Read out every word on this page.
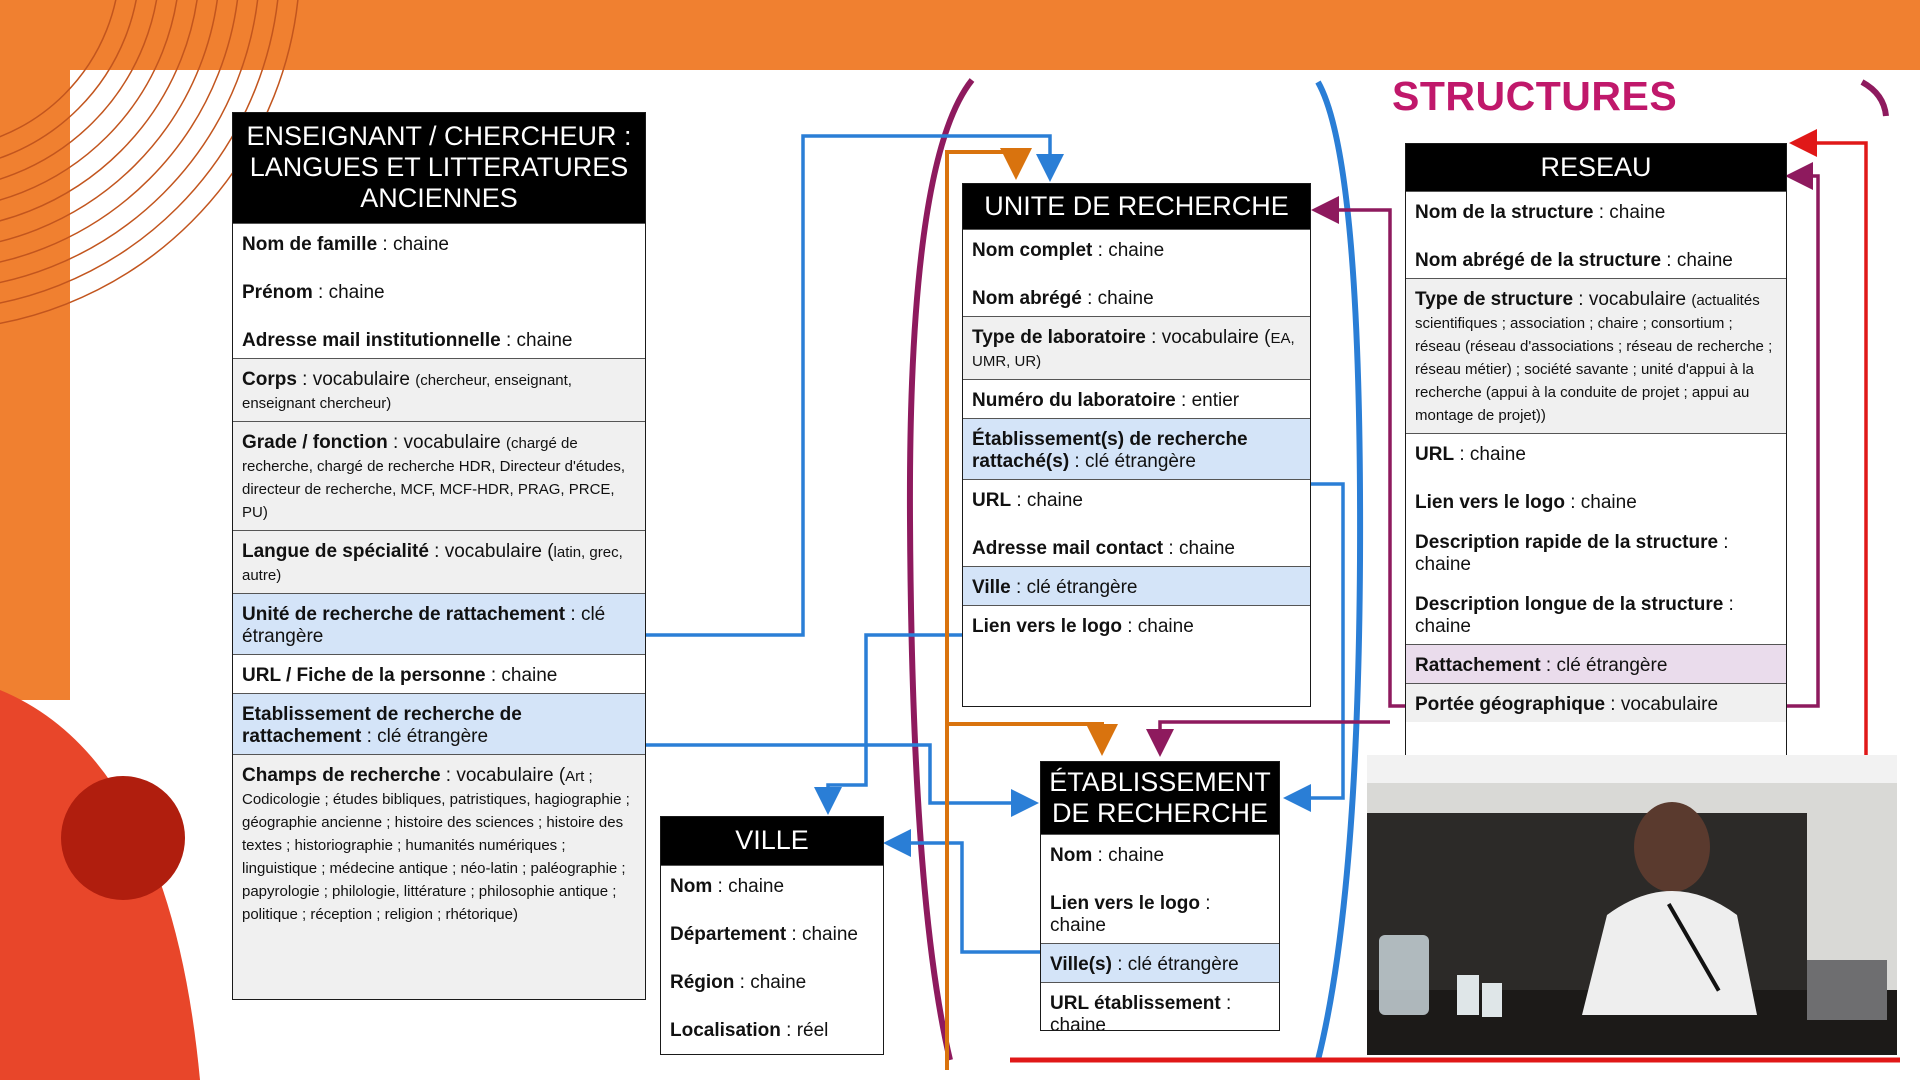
STRUCTURES
ENSEIGNANT / CHERCHEUR :
LANGUES ET LITTERATURES
ANCIENNES

Nom de famille : chaine

Prénom : chaine

Adresse mail institutionnelle : chaine

Corps : vocabulaire (chercheur, enseignant, enseignant chercheur)

Grade / fonction : vocabulaire (chargé de recherche, chargé de recherche HDR, Directeur d'études, directeur de recherche, MCF, MCF-HDR, PRAG, PRCE, PU)

Langue de spécialité : vocabulaire (latin, grec, autre)

Unité de recherche de rattachement : clé étrangère

URL / Fiche de la personne : chaine

Etablissement de recherche de rattachement : clé étrangère

Champs de recherche : vocabulaire (Art ; Codicologie ; études bibliques, patristiques, hagiographie ; géographie ancienne ; histoire des sciences ; histoire des textes ; historiographie ; humanités numériques ; linguistique ; médecine antique ; néo-latin ; paléographie ; papyrologie ; philologie, littérature ; philosophie antique ; politique ; réception ; religion ; rhétorique)

UNITE DE RECHERCHE

Nom complet : chaine

Nom abrégé : chaine

Type de laboratoire : vocabulaire (EA, UMR, UR)

Numéro du laboratoire : entier

Établissement(s) de recherche rattaché(s) : clé étrangère

URL : chaine

Adresse mail contact : chaine

Ville : clé étrangère

Lien vers le logo : chaine

VILLE

Nom : chaine

Département : chaine

Région : chaine

Localisation : réel

ÉTABLISSEMENT
DE RECHERCHE

Nom : chaine

Lien vers le logo : chaine

Ville(s) : clé étrangère

URL établissement : chaine

RESEAU

Nom de la structure : chaine

Nom abrégé de la structure : chaine

Type de structure : vocabulaire (actualités scientifiques ; association ; chaire ; consortium ; réseau (réseau d'associations ; réseau de recherche ; réseau métier) ; société savante ; unité d'appui à la recherche (appui à la conduite de projet ; appui au montage de projet))

URL : chaine

Lien vers le logo : chaine

Description rapide de la structure : chaine

Description longue de la structure : chaine

Rattachement : clé étrangère

Portée géographique : vocabulaire
